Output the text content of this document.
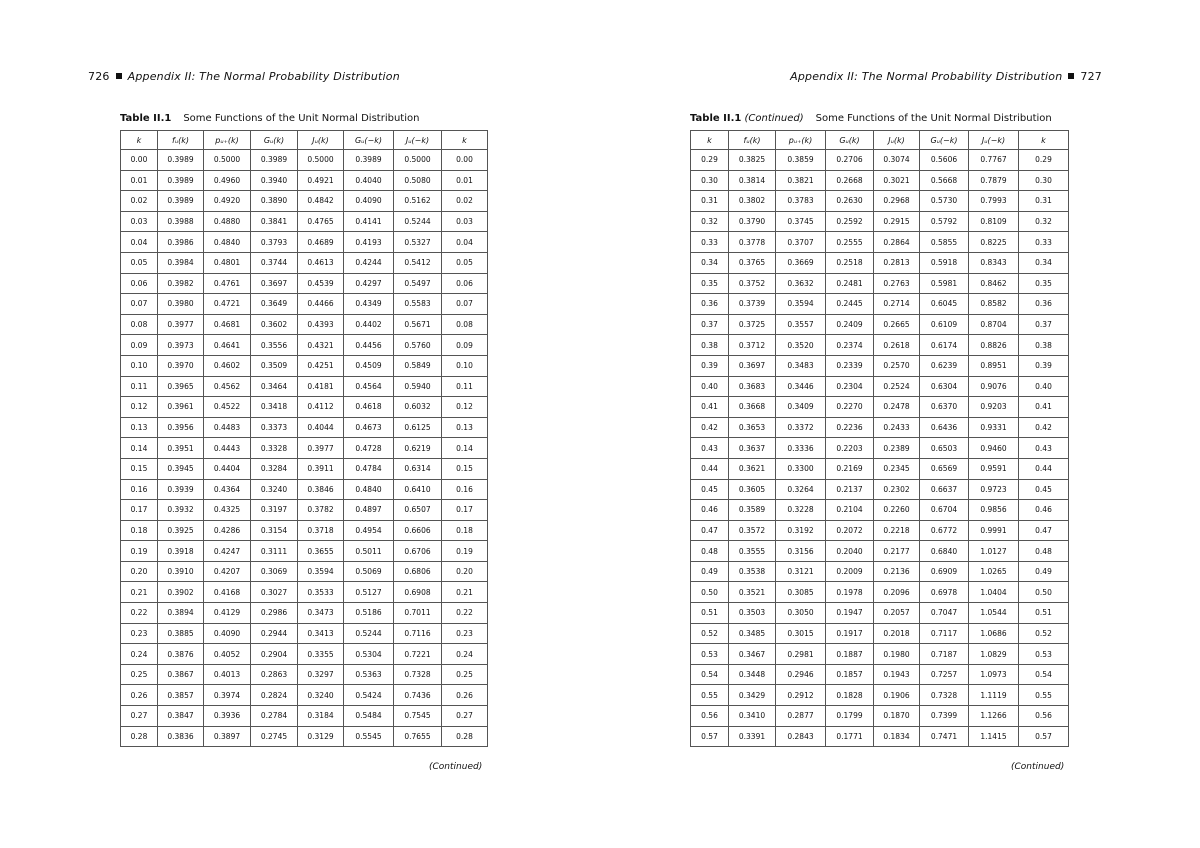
726 Appendix II: The Normal Probability Distribution	Appendix II: The Normal Probability Distribution 727
Table II.1 Some Functions of the Unit Normal Distribution
k	fᵤ(k)	pᵤ₊(k)	Gᵤ(k)	Jᵤ(k)	Gᵤ(−k)	Jᵤ(−k)	k
0.00	0.3989	0.5000	0.3989	0.5000	0.3989	0.5000	0.00
0.01	0.3989	0.4960	0.3940	0.4921	0.4040	0.5080	0.01
0.02	0.3989	0.4920	0.3890	0.4842	0.4090	0.5162	0.02
0.03	0.3988	0.4880	0.3841	0.4765	0.4141	0.5244	0.03
0.04	0.3986	0.4840	0.3793	0.4689	0.4193	0.5327	0.04
0.05	0.3984	0.4801	0.3744	0.4613	0.4244	0.5412	0.05
0.06	0.3982	0.4761	0.3697	0.4539	0.4297	0.5497	0.06
0.07	0.3980	0.4721	0.3649	0.4466	0.4349	0.5583	0.07
0.08	0.3977	0.4681	0.3602	0.4393	0.4402	0.5671	0.08
0.09	0.3973	0.4641	0.3556	0.4321	0.4456	0.5760	0.09
0.10	0.3970	0.4602	0.3509	0.4251	0.4509	0.5849	0.10
0.11	0.3965	0.4562	0.3464	0.4181	0.4564	0.5940	0.11
0.12	0.3961	0.4522	0.3418	0.4112	0.4618	0.6032	0.12
0.13	0.3956	0.4483	0.3373	0.4044	0.4673	0.6125	0.13
0.14	0.3951	0.4443	0.3328	0.3977	0.4728	0.6219	0.14
0.15	0.3945	0.4404	0.3284	0.3911	0.4784	0.6314	0.15
0.16	0.3939	0.4364	0.3240	0.3846	0.4840	0.6410	0.16
0.17	0.3932	0.4325	0.3197	0.3782	0.4897	0.6507	0.17
0.18	0.3925	0.4286	0.3154	0.3718	0.4954	0.6606	0.18
0.19	0.3918	0.4247	0.3111	0.3655	0.5011	0.6706	0.19
0.20	0.3910	0.4207	0.3069	0.3594	0.5069	0.6806	0.20
0.21	0.3902	0.4168	0.3027	0.3533	0.5127	0.6908	0.21
0.22	0.3894	0.4129	0.2986	0.3473	0.5186	0.7011	0.22
0.23	0.3885	0.4090	0.2944	0.3413	0.5244	0.7116	0.23
0.24	0.3876	0.4052	0.2904	0.3355	0.5304	0.7221	0.24
0.25	0.3867	0.4013	0.2863	0.3297	0.5363	0.7328	0.25
0.26	0.3857	0.3974	0.2824	0.3240	0.5424	0.7436	0.26
0.27	0.3847	0.3936	0.2784	0.3184	0.5484	0.7545	0.27
0.28	0.3836	0.3897	0.2745	0.3129	0.5545	0.7655	0.28
(Continued)
Table II.1 (Continued) Some Functions of the Unit Normal Distribution
k	fᵤ(k)	pᵤ₊(k)	Gᵤ(k)	Jᵤ(k)	Gᵤ(−k)	Jᵤ(−k)	k
0.29	0.3825	0.3859	0.2706	0.3074	0.5606	0.7767	0.29
0.30	0.3814	0.3821	0.2668	0.3021	0.5668	0.7879	0.30
0.31	0.3802	0.3783	0.2630	0.2968	0.5730	0.7993	0.31
0.32	0.3790	0.3745	0.2592	0.2915	0.5792	0.8109	0.32
0.33	0.3778	0.3707	0.2555	0.2864	0.5855	0.8225	0.33
0.34	0.3765	0.3669	0.2518	0.2813	0.5918	0.8343	0.34
0.35	0.3752	0.3632	0.2481	0.2763	0.5981	0.8462	0.35
0.36	0.3739	0.3594	0.2445	0.2714	0.6045	0.8582	0.36
0.37	0.3725	0.3557	0.2409	0.2665	0.6109	0.8704	0.37
0.38	0.3712	0.3520	0.2374	0.2618	0.6174	0.8826	0.38
0.39	0.3697	0.3483	0.2339	0.2570	0.6239	0.8951	0.39
0.40	0.3683	0.3446	0.2304	0.2524	0.6304	0.9076	0.40
0.41	0.3668	0.3409	0.2270	0.2478	0.6370	0.9203	0.41
0.42	0.3653	0.3372	0.2236	0.2433	0.6436	0.9331	0.42
0.43	0.3637	0.3336	0.2203	0.2389	0.6503	0.9460	0.43
0.44	0.3621	0.3300	0.2169	0.2345	0.6569	0.9591	0.44
0.45	0.3605	0.3264	0.2137	0.2302	0.6637	0.9723	0.45
0.46	0.3589	0.3228	0.2104	0.2260	0.6704	0.9856	0.46
0.47	0.3572	0.3192	0.2072	0.2218	0.6772	0.9991	0.47
0.48	0.3555	0.3156	0.2040	0.2177	0.6840	1.0127	0.48
0.49	0.3538	0.3121	0.2009	0.2136	0.6909	1.0265	0.49
0.50	0.3521	0.3085	0.1978	0.2096	0.6978	1.0404	0.50
0.51	0.3503	0.3050	0.1947	0.2057	0.7047	1.0544	0.51
0.52	0.3485	0.3015	0.1917	0.2018	0.7117	1.0686	0.52
0.53	0.3467	0.2981	0.1887	0.1980	0.7187	1.0829	0.53
0.54	0.3448	0.2946	0.1857	0.1943	0.7257	1.0973	0.54
0.55	0.3429	0.2912	0.1828	0.1906	0.7328	1.1119	0.55
0.56	0.3410	0.2877	0.1799	0.1870	0.7399	1.1266	0.56
0.57	0.3391	0.2843	0.1771	0.1834	0.7471	1.1415	0.57
(Continued)
